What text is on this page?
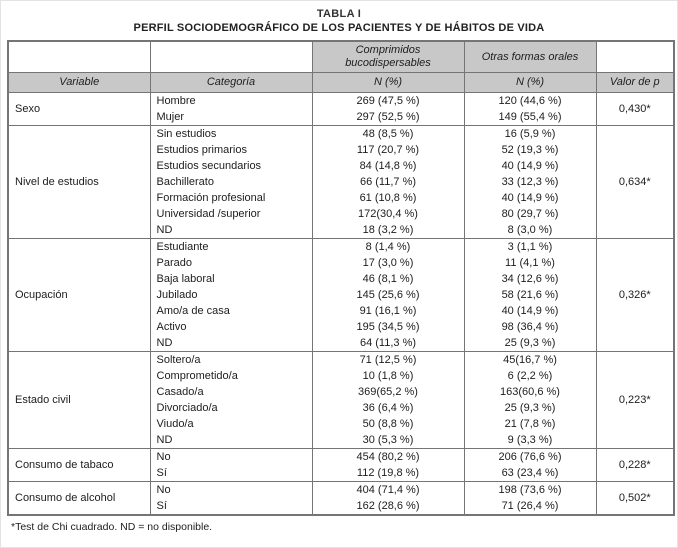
TABLA I
PERFIL SOCIODEMOGRÁFICO DE LOS PACIENTES Y DE HÁBITOS DE VIDA
		Comprimidos bucodispersables	Otras formas orales	
Variable	Categoría	N (%)	N (%)	Valor de p
Sexo	Hombre	269 (47,5 %)	120 (44,6 %)	0,430*
	Mujer	297 (52,5 %)	149 (55,4 %)	
Nivel de estudios	Sin estudios	48 (8,5 %)	16 (5,9 %)	0,634*
	Estudios primarios	117 (20,7 %)	52 (19,3 %)	
	Estudios secundarios	84 (14,8 %)	40 (14,9 %)	
	Bachillerato	66 (11,7 %)	33 (12,3 %)	
	Formación profesional	61 (10,8 %)	40 (14,9 %)	
	Universidad /superior	172(30,4 %)	80 (29,7 %)	
	ND	18 (3,2 %)	8 (3,0 %)	
Ocupación	Estudiante	8 (1,4 %)	3 (1,1 %)	0,326*
	Parado	17 (3,0 %)	11 (4,1 %)	
	Baja laboral	46 (8,1 %)	34 (12,6 %)	
	Jubilado	145 (25,6 %)	58 (21,6 %)	
	Amo/a de casa	91 (16,1 %)	40 (14,9 %)	
	Activo	195 (34,5 %)	98 (36,4 %)	
	ND	64 (11,3 %)	25 (9,3 %)	
Estado civil	Soltero/a	71 (12,5 %)	45(16,7 %)	0,223*
	Comprometido/a	10 (1,8 %)	6 (2,2 %)	
	Casado/a	369(65,2 %)	163(60,6 %)	
	Divorciado/a	36 (6,4 %)	25 (9,3 %)	
	Viudo/a	50 (8,8 %)	21 (7,8 %)	
	ND	30 (5,3 %)	9 (3,3 %)	
Consumo de tabaco	No	454 (80,2 %)	206 (76,6 %)	0,228*
	Sí	112 (19,8 %)	63 (23,4 %)	
Consumo de alcohol	No	404 (71,4 %)	198 (73,6 %)	0,502*
	Sí	162 (28,6 %)	71 (26,4 %)	
*Test de Chi cuadrado. ND = no disponible.
